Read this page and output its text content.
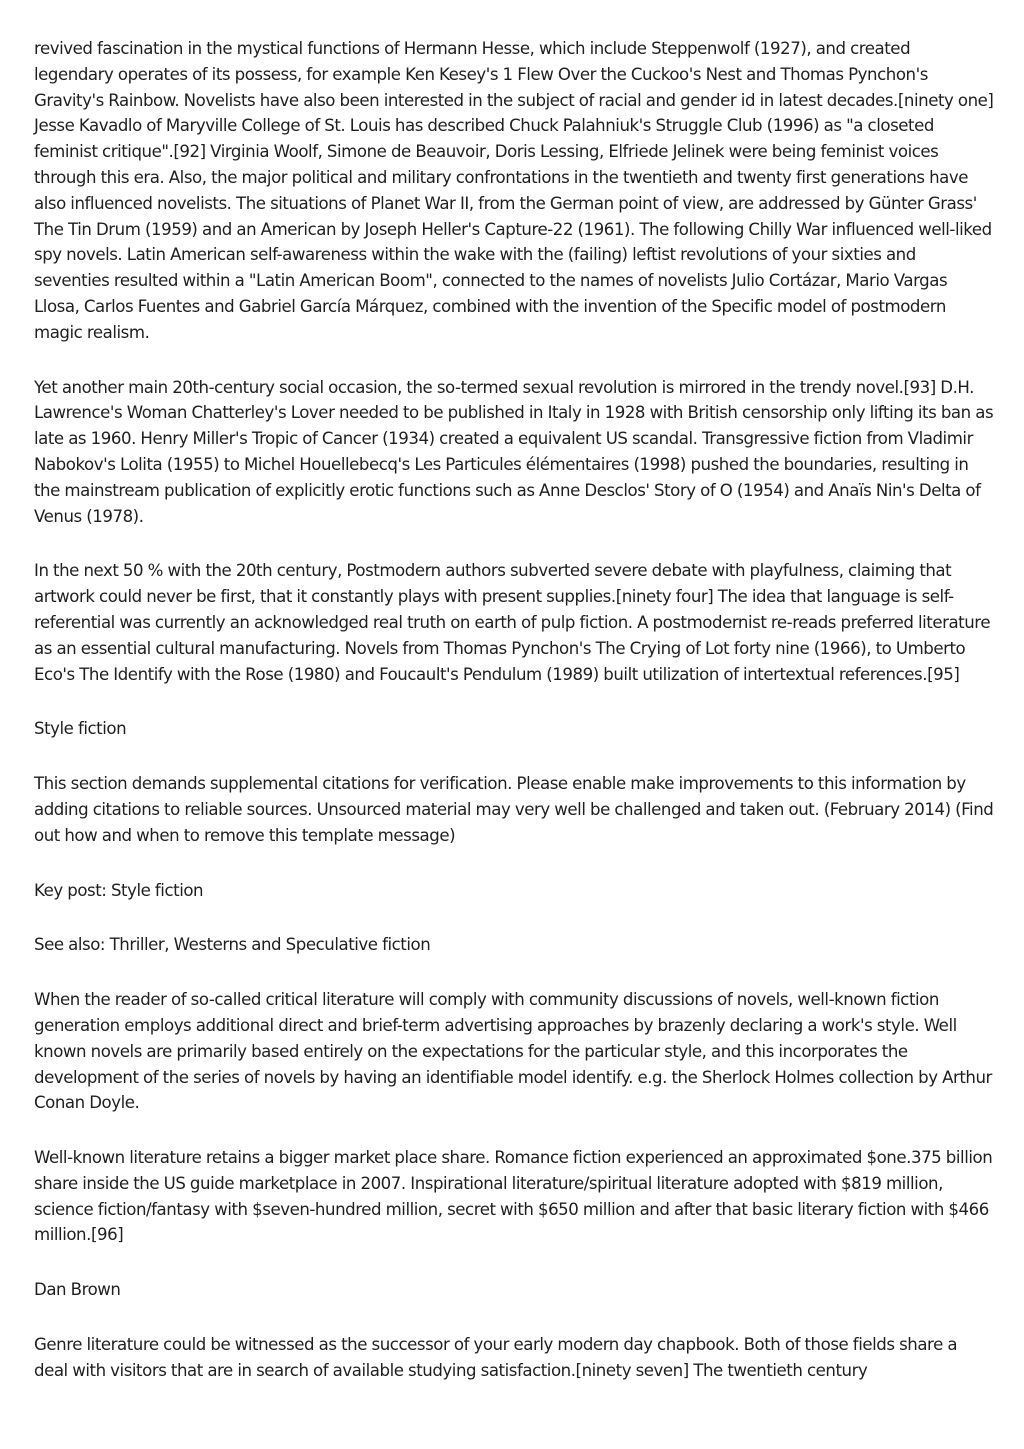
revived fascination in the mystical functions of Hermann Hesse, which include Steppenwolf (1927), and created legendary operates of its possess, for example Ken Kesey's 1 Flew Over the Cuckoo's Nest and Thomas Pynchon's Gravity's Rainbow. Novelists have also been interested in the subject of racial and gender id in latest decades.[ninety one] Jesse Kavadlo of Maryville College of St. Louis has described Chuck Palahniuk's Struggle Club (1996) as "a closeted feminist critique".[92] Virginia Woolf, Simone de Beauvoir, Doris Lessing, Elfriede Jelinek were being feminist voices through this era. Also, the major political and military confrontations in the twentieth and twenty first generations have also influenced novelists. The situations of Planet War II, from the German point of view, are addressed by Günter Grass' The Tin Drum (1959) and an American by Joseph Heller's Capture-22 (1961). The following Chilly War influenced well-liked spy novels. Latin American self-awareness within the wake with the (failing) leftist revolutions of your sixties and seventies resulted within a "Latin American Boom", connected to the names of novelists Julio Cortázar, Mario Vargas Llosa, Carlos Fuentes and Gabriel García Márquez, combined with the invention of the Specific model of postmodern magic realism.

Yet another main 20th-century social occasion, the so-termed sexual revolution is mirrored in the trendy novel.[93] D.H. Lawrence's Woman Chatterley's Lover needed to be published in Italy in 1928 with British censorship only lifting its ban as late as 1960. Henry Miller's Tropic of Cancer (1934) created a equivalent US scandal. Transgressive fiction from Vladimir Nabokov's Lolita (1955) to Michel Houellebecq's Les Particules élémentaires (1998) pushed the boundaries, resulting in the mainstream publication of explicitly erotic functions such as Anne Desclos' Story of O (1954) and Anaïs Nin's Delta of Venus (1978).

In the next 50 % with the 20th century, Postmodern authors subverted severe debate with playfulness, claiming that artwork could never be first, that it constantly plays with present supplies.[ninety four] The idea that language is self-referential was currently an acknowledged real truth on earth of pulp fiction. A postmodernist re-reads preferred literature as an essential cultural manufacturing. Novels from Thomas Pynchon's The Crying of Lot forty nine (1966), to Umberto Eco's The Identify with the Rose (1980) and Foucault's Pendulum (1989) built utilization of intertextual references.[95]

Style fiction

This section demands supplemental citations for verification. Please enable make improvements to this information by adding citations to reliable sources. Unsourced material may very well be challenged and taken out. (February 2014) (Find out how and when to remove this template message)

Key post: Style fiction

See also: Thriller, Westerns and Speculative fiction

When the reader of so-called critical literature will comply with community discussions of novels, well-known fiction generation employs additional direct and brief-term advertising approaches by brazenly declaring a work's style. Well known novels are primarily based entirely on the expectations for the particular style, and this incorporates the development of the series of novels by having an identifiable model identify. e.g. the Sherlock Holmes collection by Arthur Conan Doyle.

Well-known literature retains a bigger market place share. Romance fiction experienced an approximated $one.375 billion share inside the US guide marketplace in 2007. Inspirational literature/spiritual literature adopted with $819 million, science fiction/fantasy with $seven-hundred million, secret with $650 million and after that basic literary fiction with $466 million.[96]

Dan Brown

Genre literature could be witnessed as the successor of your early modern day chapbook. Both of those fields share a deal with visitors that are in search of available studying satisfaction.[ninety seven] The twentieth century
